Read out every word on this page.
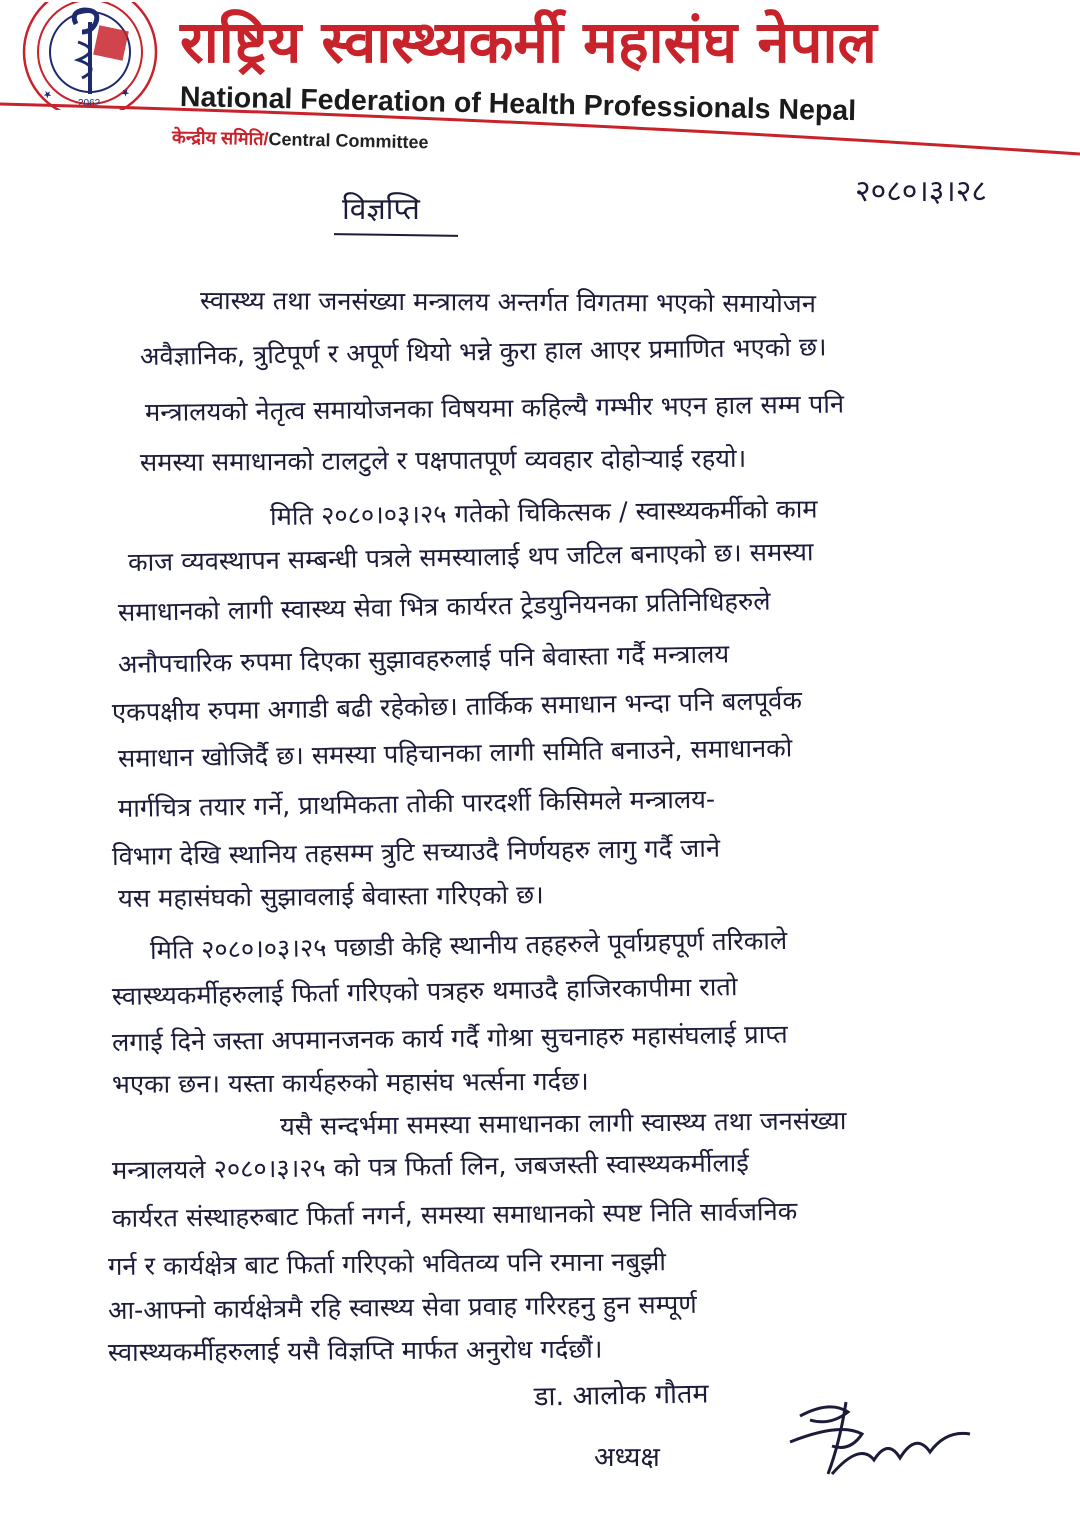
★	★
2062
राष्ट्रिय स्वास्थ्यकर्मी महासंघ नेपाल
National Federation of Health Professionals Nepal
केन्द्रीय समिति/Central Committee
विज्ञप्ति
२०८०।३।२८
स्वास्थ्य तथा जनसंख्या मन्त्रालय अन्तर्गत विगतमा भएको समायोजन
अवैज्ञानिक, त्रुटिपूर्ण र अपूर्ण थियो भन्ने कुरा हाल आएर प्रमाणित भएको छ।
मन्त्रालयको नेतृत्व समायोजनका विषयमा कहिल्यै गम्भीर भएन हाल सम्म पनि
समस्या समाधानको टालटुले र पक्षपातपूर्ण व्यवहार दोहोऱ्याई रहयो।
मिति २०८०।०३।२५ गतेको चिकित्सक / स्वास्थ्यकर्मीको काम
काज व्यवस्थापन सम्बन्धी पत्रले समस्यालाई थप जटिल बनाएको छ। समस्या
समाधानको लागी स्वास्थ्य सेवा भित्र कार्यरत ट्रेडयुनियनका प्रतिनिधिहरुले
अनौपचारिक रुपमा दिएका सुझावहरुलाई पनि बेवास्ता गर्दै मन्त्रालय
एकपक्षीय रुपमा अगाडी बढी रहेकोछ। तार्किक समाधान भन्दा पनि बलपूर्वक
समाधान खोजिर्दै छ। समस्या पहिचानका लागी समिति बनाउने, समाधानको
मार्गचित्र तयार गर्ने, प्राथमिकता तोकी पारदर्शी किसिमले मन्त्रालय-
विभाग देखि स्थानिय तहसम्म त्रुटि सच्याउदै निर्णयहरु लागु गर्दै जाने
यस महासंघको सुझावलाई बेवास्ता गरिएको छ।
मिति २०८०।०३।२५ पछाडी केहि स्थानीय तहहरुले पूर्वाग्रहपूर्ण तरिकाले
स्वास्थ्यकर्मीहरुलाई फिर्ता गरिएको पत्रहरु थमाउदै हाजिरकापीमा रातो
लगाई दिने जस्ता अपमानजनक कार्य गर्दै गोश्रा सुचनाहरु महासंघलाई प्राप्त
भएका छन। यस्ता कार्यहरुको महासंघ भर्त्सना गर्दछ।
यसै सन्दर्भमा समस्या समाधानका लागी स्वास्थ्य तथा जनसंख्या
मन्त्रालयले २०८०।३।२५ को पत्र फिर्ता लिन, जबजस्ती स्वास्थ्यकर्मीलाई
कार्यरत संस्थाहरुबाट फिर्ता नगर्न, समस्या समाधानको स्पष्ट निति सार्वजनिक
गर्न र कार्यक्षेत्र बाट फिर्ता गरिएको भवितव्य पनि रमाना नबुझी
आ-आफ्नो कार्यक्षेत्रमै रहि स्वास्थ्य सेवा प्रवाह गरिरहनु हुन सम्पूर्ण
स्वास्थ्यकर्मीहरुलाई यसै विज्ञप्ति मार्फत अनुरोध गर्दछौं।
डा. आलोक गौतम
अध्यक्ष
